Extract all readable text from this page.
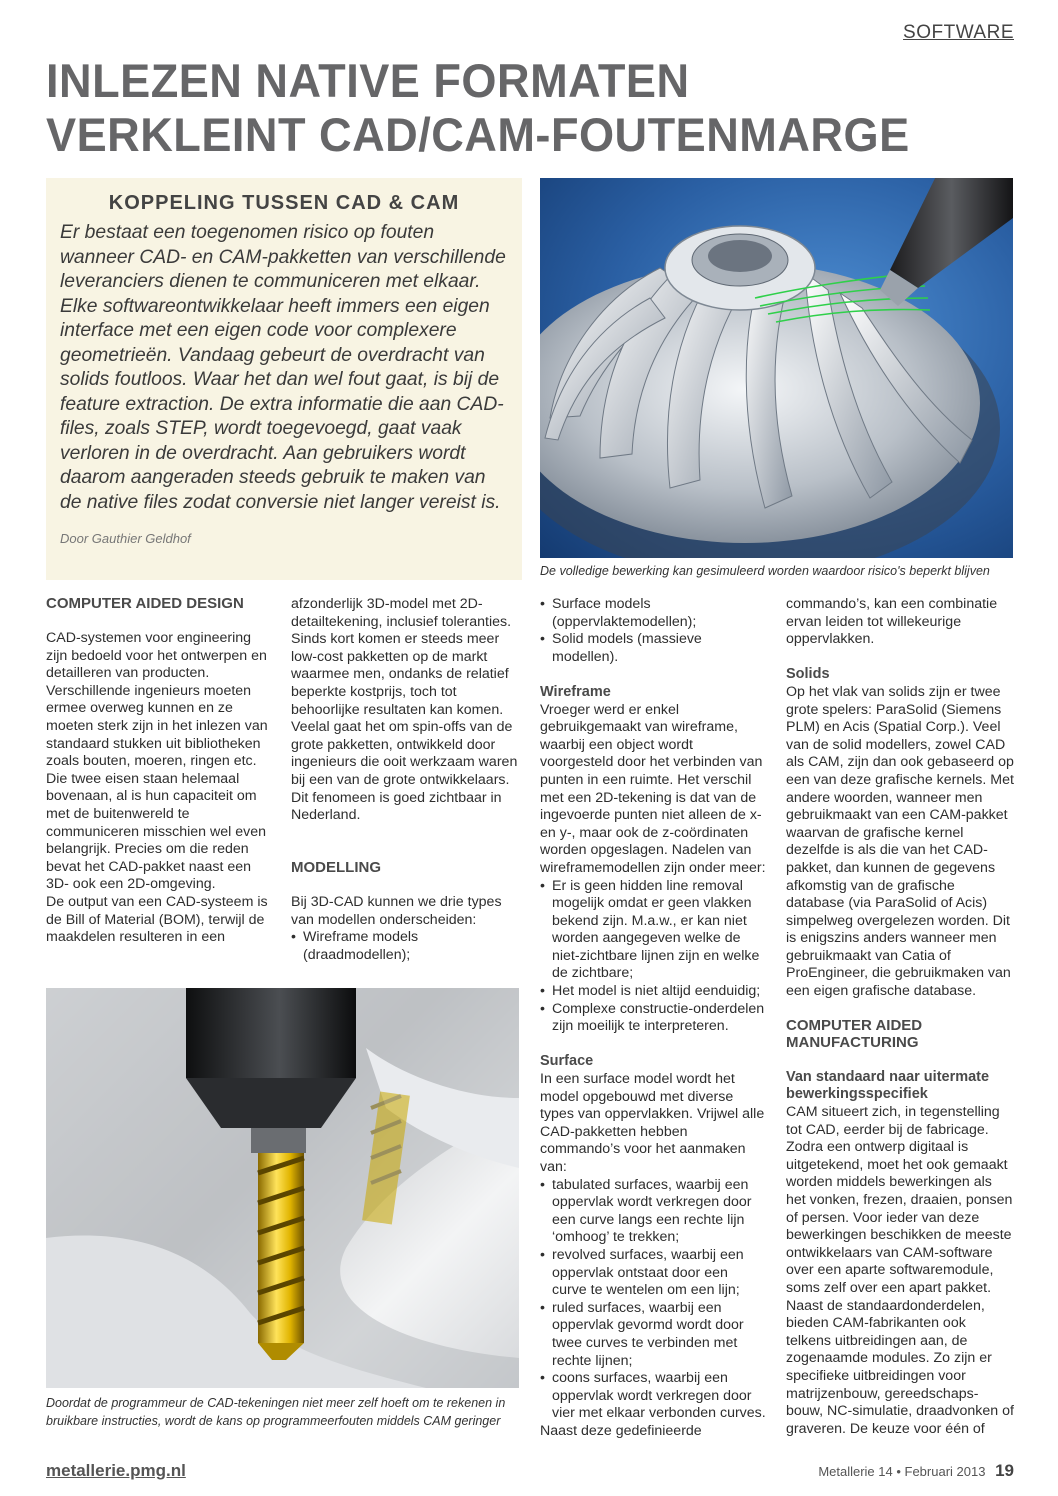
SOFTWARE
INLEZEN NATIVE FORMATEN
VERKLEINT CAD/CAM-FOUTENMARGE
KOPPELING TUSSEN CAD & CAM

Er bestaat een toegenomen risico op fouten wanneer CAD- en CAM-pakketten van verschillende leveranciers dienen te communiceren met elkaar. Elke softwareontwikkelaar heeft immers een eigen interface met een eigen code voor complexere geometrieën. Vandaag gebeurt de overdracht van solids foutloos. Waar het dan wel fout gaat, is bij de feature extraction. De extra informatie die aan CAD-files, zoals STEP, wordt toegevoegd, gaat vaak verloren in de overdracht. Aan gebruikers wordt daarom aangeraden steeds gebruik te maken van de native files zodat conversie niet langer vereist is.

Door Gauthier Geldhof
De volledige bewerking kan gesimuleerd worden waardoor risico's beperkt blijven
Doordat de programmeur de CAD-tekeningen niet meer zelf hoeft om te rekenen in bruikbare instructies, wordt de kans op programmeerfouten middels CAM geringer
COMPUTER AIDED DESIGN

CAD-systemen voor engineering zijn bedoeld voor het ontwerpen en detailleren van producten. Verschillende ingenieurs moeten ermee overweg kunnen en ze moeten sterk zijn in het inlezen van standaard stukken uit bibliotheken zoals bouten, moeren, ringen etc. Die twee eisen staan helemaal bovenaan, al is hun capaciteit om met de buitenwereld te communiceren misschien wel even belangrijk. Precies om die reden bevat het CAD-pakket naast een 3D- ook een 2D-omgeving.

De output van een CAD-systeem is de Bill of Material (BOM), terwijl de maakdelen resulteren in een

afzonderlijk 3D-model met 2D-detailtekening, inclusief toleranties. Sinds kort komen er steeds meer low-cost pakketten op de markt waarmee men, ondanks de relatief beperkte kostprijs, toch tot behoorlijke resultaten kan komen. Veelal gaat het om spin-offs van de grote pakketten, ontwikkeld door ingenieurs die ooit werkzaam waren bij een van de grote ontwikkelaars. Dit fenomeen is goed zichtbaar in Nederland.

MODELLING

Bij 3D-CAD kunnen we drie types van modellen onderscheiden:

• Wireframe models (draadmodellen);
• Surface models (oppervlaktemodellen);
• Solid models (massieve modellen).
Wireframe

Vroeger werd er enkel gebruikgemaakt van wireframe, waarbij een object wordt voorgesteld door het verbinden van punten in een ruimte. Het verschil met een 2D-tekening is dat van de ingevoerde punten niet alleen de x- en y-, maar ook de z-coördinaten worden opgeslagen. Nadelen van wireframemodellen zijn onder meer:

• Er is geen hidden line removal mogelijk omdat er geen vlakken bekend zijn. M.a.w., er kan niet worden aangegeven welke de niet-zichtbare lijnen zijn en welke de zichtbare;
• Het model is niet altijd eenduidig;
• Complexe constructie-onderdelen zijn moeilijk te interpreteren.
Surface

In een surface model wordt het model opgebouwd met diverse types van oppervlakken. Vrijwel alle CAD-pakketten hebben commando’s voor het aanmaken van:

• tabulated surfaces, waarbij een oppervlak wordt verkregen door een curve langs een rechte lijn ‘omhoog’ te trekken;
• revolved surfaces, waarbij een oppervlak ontstaat door een curve te wentelen om een lijn;
• ruled surfaces, waarbij een oppervlak gevormd wordt door twee curves te verbinden met rechte lijnen;
• coons surfaces, waarbij een oppervlak wordt verkregen door vier met elkaar verbonden curves.

Naast deze gedefinieerde

commando’s, kan een combinatie ervan leiden tot willekeurige oppervlakken.

Solids

Op het vlak van solids zijn er twee grote spelers: ParaSolid (Siemens PLM) en Acis (Spatial Corp.). Veel van de solid modellers, zowel CAD als CAM, zijn dan ook gebaseerd op een van deze grafische kernels. Met andere woorden, wanneer men gebruikmaakt van een CAM-pakket waarvan de grafische kernel dezelfde is als die van het CAD-pakket, dan kunnen de gegevens afkomstig van de grafische database (via ParaSolid of Acis) simpelweg overgelezen worden. Dit is enigszins anders wanneer men gebruikmaakt van Catia of ProEngineer, die gebruikmaken van een eigen grafische database.

COMPUTER AIDED MANUFACTURING
Van standaard naar uitermate bewerkingsspecifiek

CAM situeert zich, in tegenstelling tot CAD, eerder bij de fabricage. Zodra een ontwerp digitaal is uitgetekend, moet het ook gemaakt worden middels bewerkingen als het vonken, frezen, draaien, ponsen of persen. Voor ieder van deze bewerkingen beschikken de meeste ontwikkelaars van CAM-software over een aparte softwaremodule, soms zelf over een apart pakket. Naast de standaardonderdelen, bieden CAM-fabrikanten ook telkens uitbreidingen aan, de zogenaamde modules. Zo zijn er specifieke uitbreidingen voor matrijzenbouw, gereedschaps-bouw, NC-simulatie, draadvonken of graveren. De keuze voor één of

metallerie.pmg.nl	Metallerie 14 • Februari 2013 19
